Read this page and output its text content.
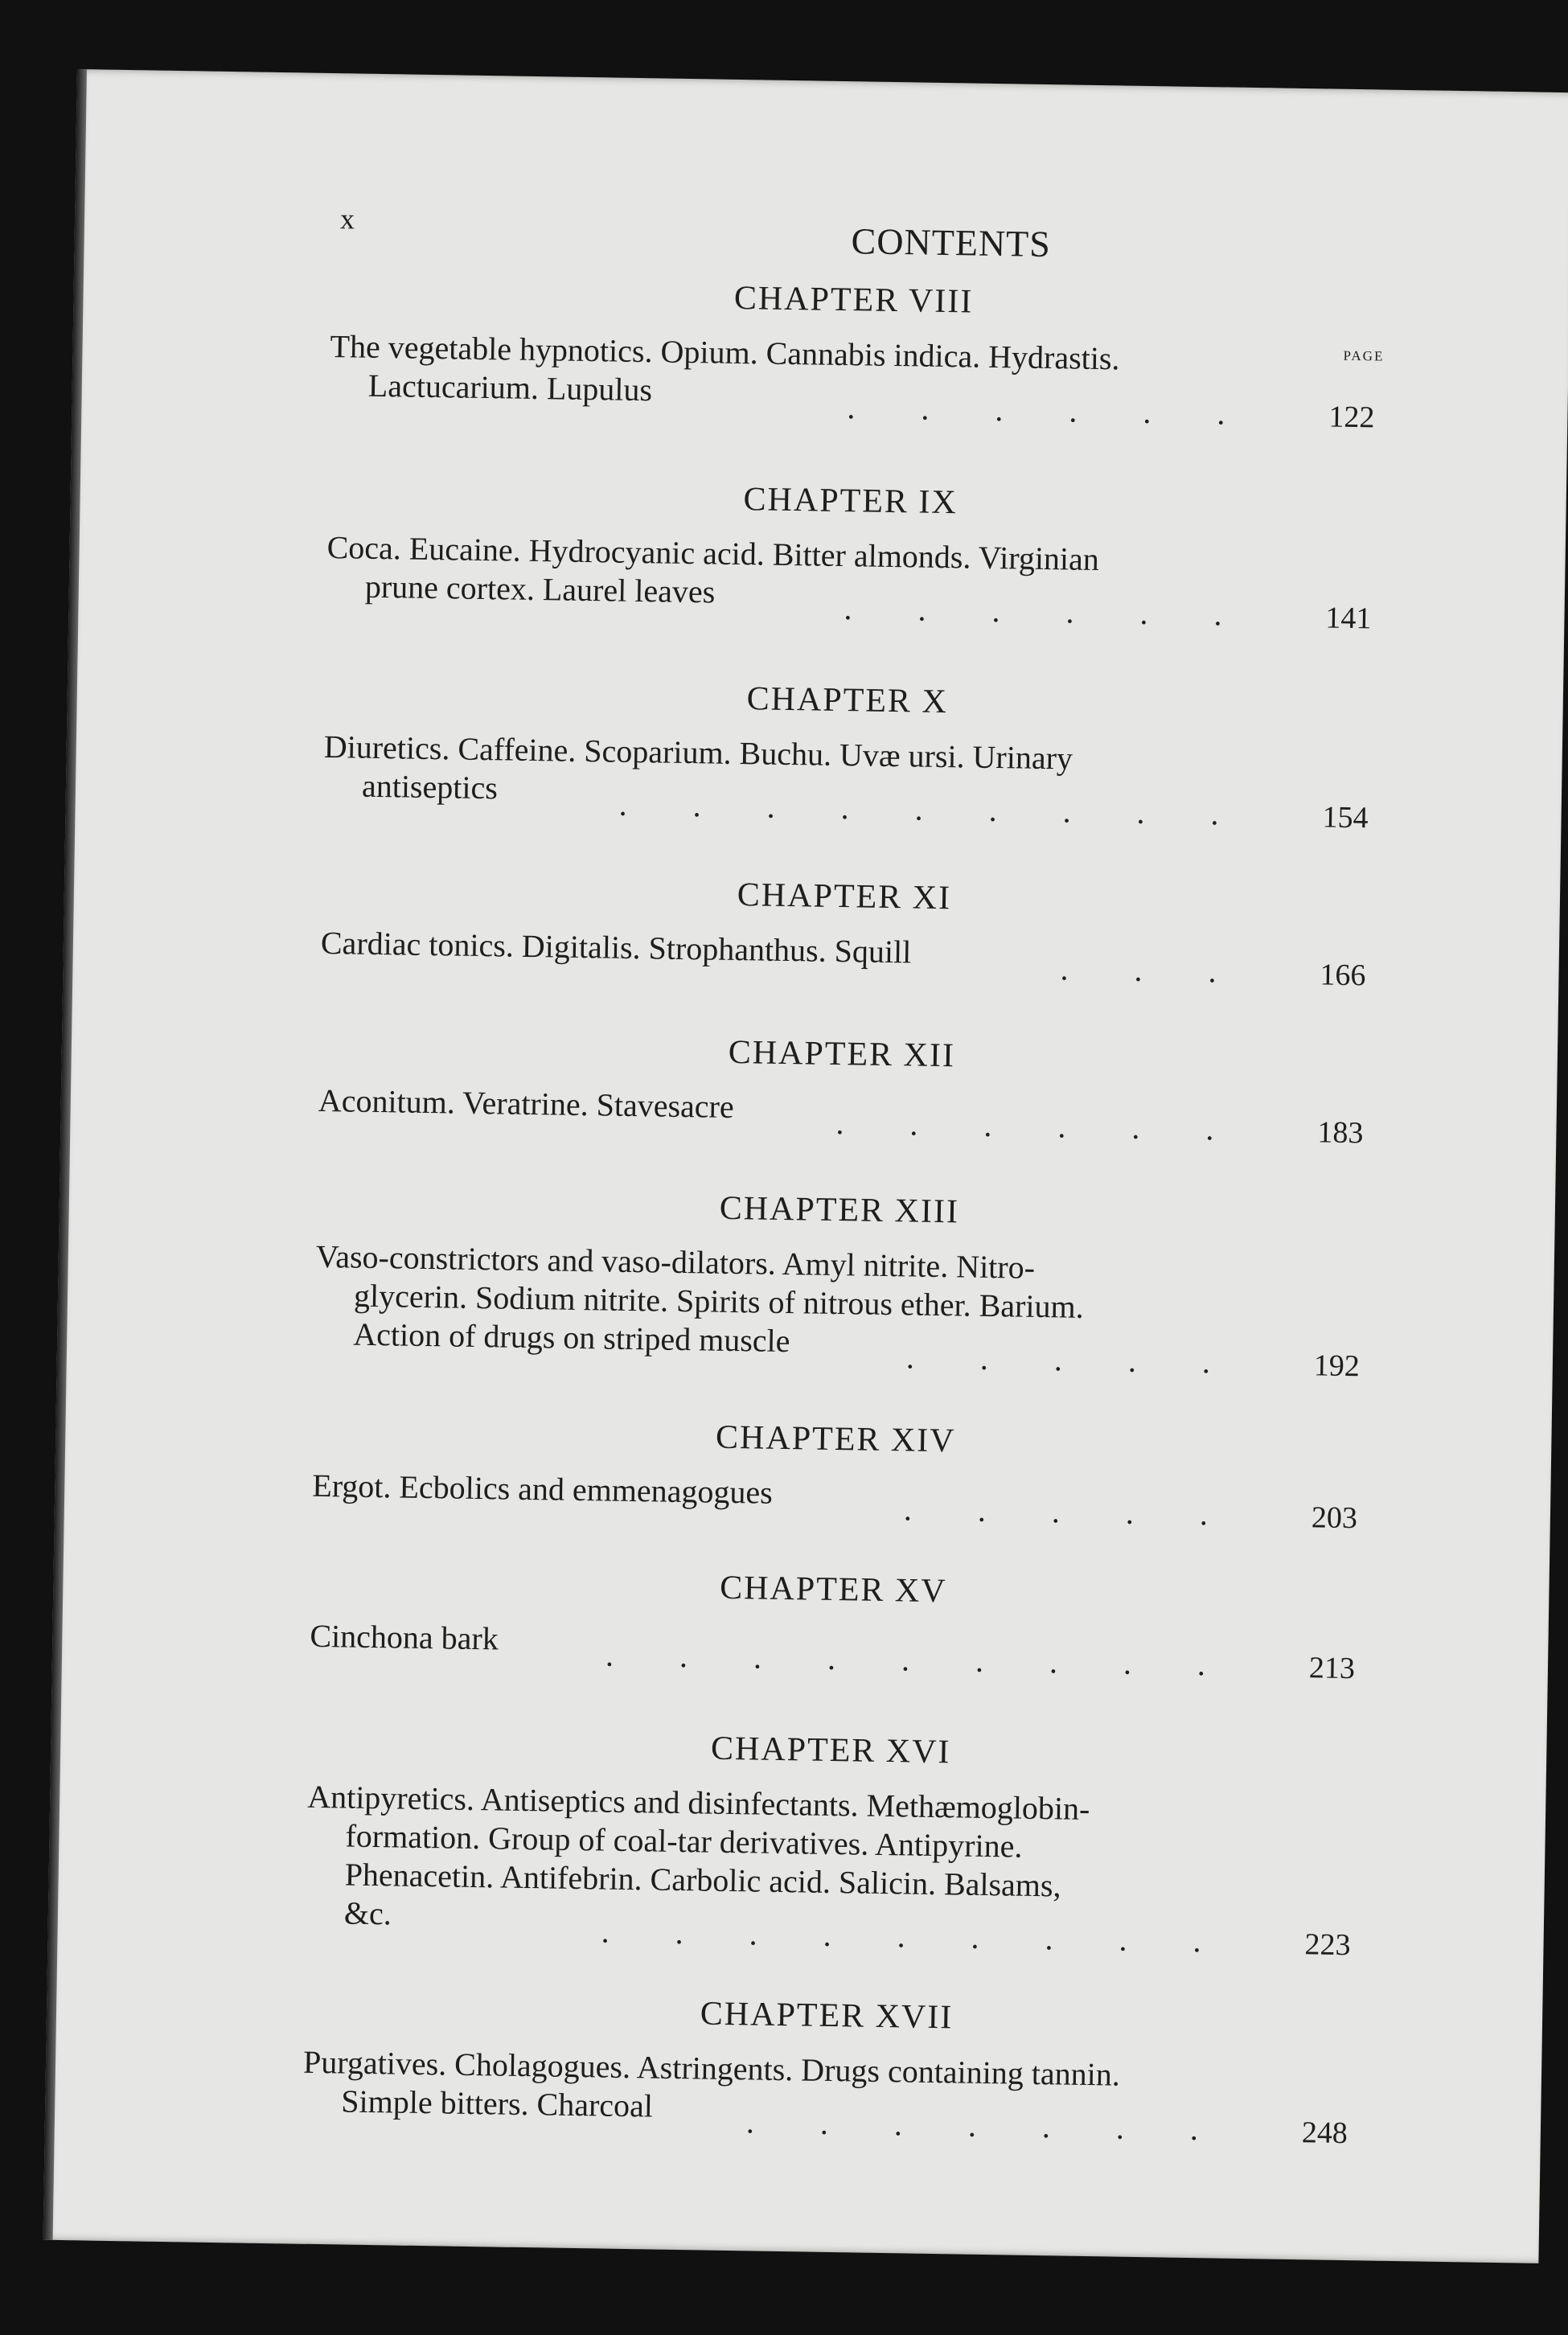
x
CONTENTS
PAGE
CHAPTER VIII

The vegetable hypnotics. Opium. Cannabis indica. Hydrastis.

Lactucarium. Lupulus

. . . . . .	122
CHAPTER IX

Coca. Eucaine. Hydrocyanic acid. Bitter almonds. Virginian

prune cortex. Laurel leaves

. . . . . .	141
CHAPTER X

Diuretics. Caffeine. Scoparium. Buchu. Uvæ ursi. Urinary

antiseptics	. . . . . . . . .	154
CHAPTER XI

Cardiac tonics. Digitalis. Strophanthus. Squill

. . .	166
CHAPTER XII

Aconitum. Veratrine. Stavesacre

. . . . . .	183
CHAPTER XIII

Vaso-constrictors and vaso-dilators. Amyl nitrite. Nitro-

glycerin. Sodium nitrite. Spirits of nitrous ether. Barium.

Action of drugs on striped muscle

. . . . .	192
CHAPTER XIV

Ergot. Ecbolics and emmenagogues

. . . . .	203
CHAPTER XV

Cinchona bark	. . . . . . . . .	213
CHAPTER XVI

Antipyretics. Antiseptics and disinfectants. Methæmoglobin-

formation. Group of coal-tar derivatives. Antipyrine.

Phenacetin. Antifebrin. Carbolic acid. Salicin. Balsams,

&c.

. . . . . . . . .	223
CHAPTER XVII

Purgatives. Cholagogues. Astringents. Drugs containing tannin.

Simple bitters. Charcoal

. . . . . . .	248
